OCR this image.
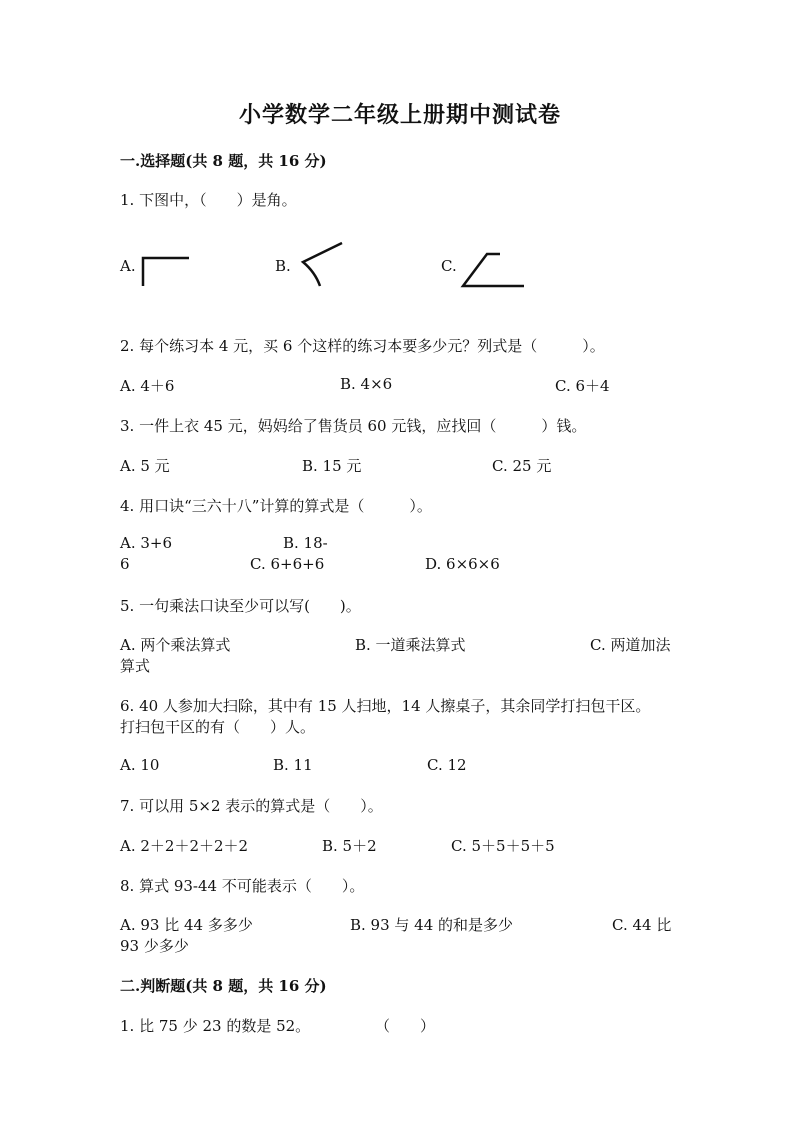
小学数学二年级上册期中测试卷
一.选择题(共 8 题，共 16 分)
1. 下图中，（　　）是角。
A.	B.	C.
2. 每个练习本 4 元，买 6 个这样的练习本要多少元？列式是（　　　）。
A. 4＋6	B. 4×6	C. 6＋4
3. 一件上衣 45 元，妈妈给了售货员 60 元钱，应找回（　　　）钱。
A. 5 元	B. 15 元	C. 25 元
4. 用口诀“三六十八”计算的算式是（　　　）。
A. 3+6	B. 18-
6	C. 6+6+6	D. 6×6×6
5. 一句乘法口诀至少可以写(　　)。
A. 两个乘法算式	B. 一道乘法算式	C. 两道加法
算式
6. 40 人参加大扫除，其中有 15 人扫地，14 人擦桌子，其余同学打扫包干区。
打扫包干区的有（　　）人。
A. 10	B. 11	C. 12
7. 可以用 5×2 表示的算式是（　　）。
A. 2＋2＋2＋2＋2	B. 5＋2	C. 5＋5＋5＋5
8. 算式 93-44 不可能表示（　　）。
A. 93 比 44 多多少	B. 93 与 44 的和是多少	C. 44 比
93 少多少
二.判断题(共 8 题，共 16 分)
1. 比 75 少 23 的数是 52。	（　　）
